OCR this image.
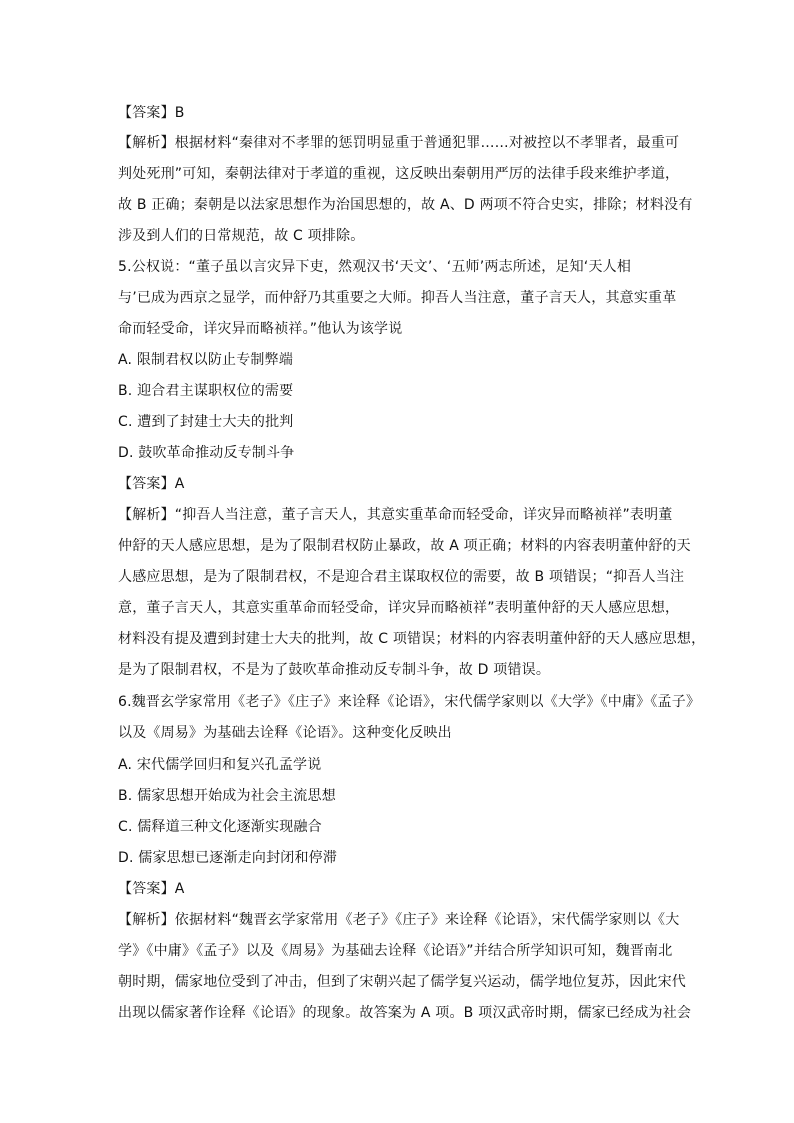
【答案】B
【解析】根据材料“秦律对不孝罪的惩罚明显重于普通犯罪……对被控以不孝罪者，最重可
判处死刑”可知，秦朝法律对于孝道的重视，这反映出秦朝用严厉的法律手段来维护孝道，
故 B 正确；秦朝是以法家思想作为治国思想的，故 A、D 两项不符合史实，排除；材料没有
涉及到人们的日常规范，故 C 项排除。
5.公权说：“董子虽以言灾异下吏，然观汉书‘天文’、‘五师’两志所述，足知‘天人相
与’已成为西京之显学，而仲舒乃其重要之大师。抑吾人当注意，董子言天人，其意实重革
命而轻受命，详灾异而略祯祥。”他认为该学说
A. 限制君权以防止专制弊端
B. 迎合君主谋职权位的需要
C. 遭到了封建士大夫的批判
D. 鼓吹革命推动反专制斗争
【答案】A
【解析】“抑吾人当注意，董子言天人，其意实重革命而轻受命，详灾异而略祯祥”表明董
仲舒的天人感应思想，是为了限制君权防止暴政，故 A 项正确；材料的内容表明董仲舒的天
人感应思想，是为了限制君权，不是迎合君主谋取权位的需要，故 B 项错误；“抑吾人当注
意，董子言天人，其意实重革命而轻受命，详灾异而略祯祥”表明董仲舒的天人感应思想，
材料没有提及遭到封建士大夫的批判，故 C 项错误；材料的内容表明董仲舒的天人感应思想，
是为了限制君权，不是为了鼓吹革命推动反专制斗争，故 D 项错误。
6.魏晋玄学家常用《老子》《庄子》来诠释《论语》，宋代儒学家则以《大学》《中庸》《孟子》
以及《周易》为基础去诠释《论语》。这种变化反映出
A. 宋代儒学回归和复兴孔孟学说
B. 儒家思想开始成为社会主流思想
C. 儒释道三种文化逐渐实现融合
D. 儒家思想已逐渐走向封闭和停滞
【答案】A
【解析】依据材料“魏晋玄学家常用《老子》《庄子》来诠释《论语》，宋代儒学家则以《大
学》《中庸》《孟子》以及《周易》为基础去诠释《论语》”并结合所学知识可知，魏晋南北
朝时期，儒家地位受到了冲击，但到了宋朝兴起了儒学复兴运动，儒学地位复苏，因此宋代
出现以儒家著作诠释《论语》的现象。故答案为 A 项。B 项汉武帝时期，儒家已经成为社会
